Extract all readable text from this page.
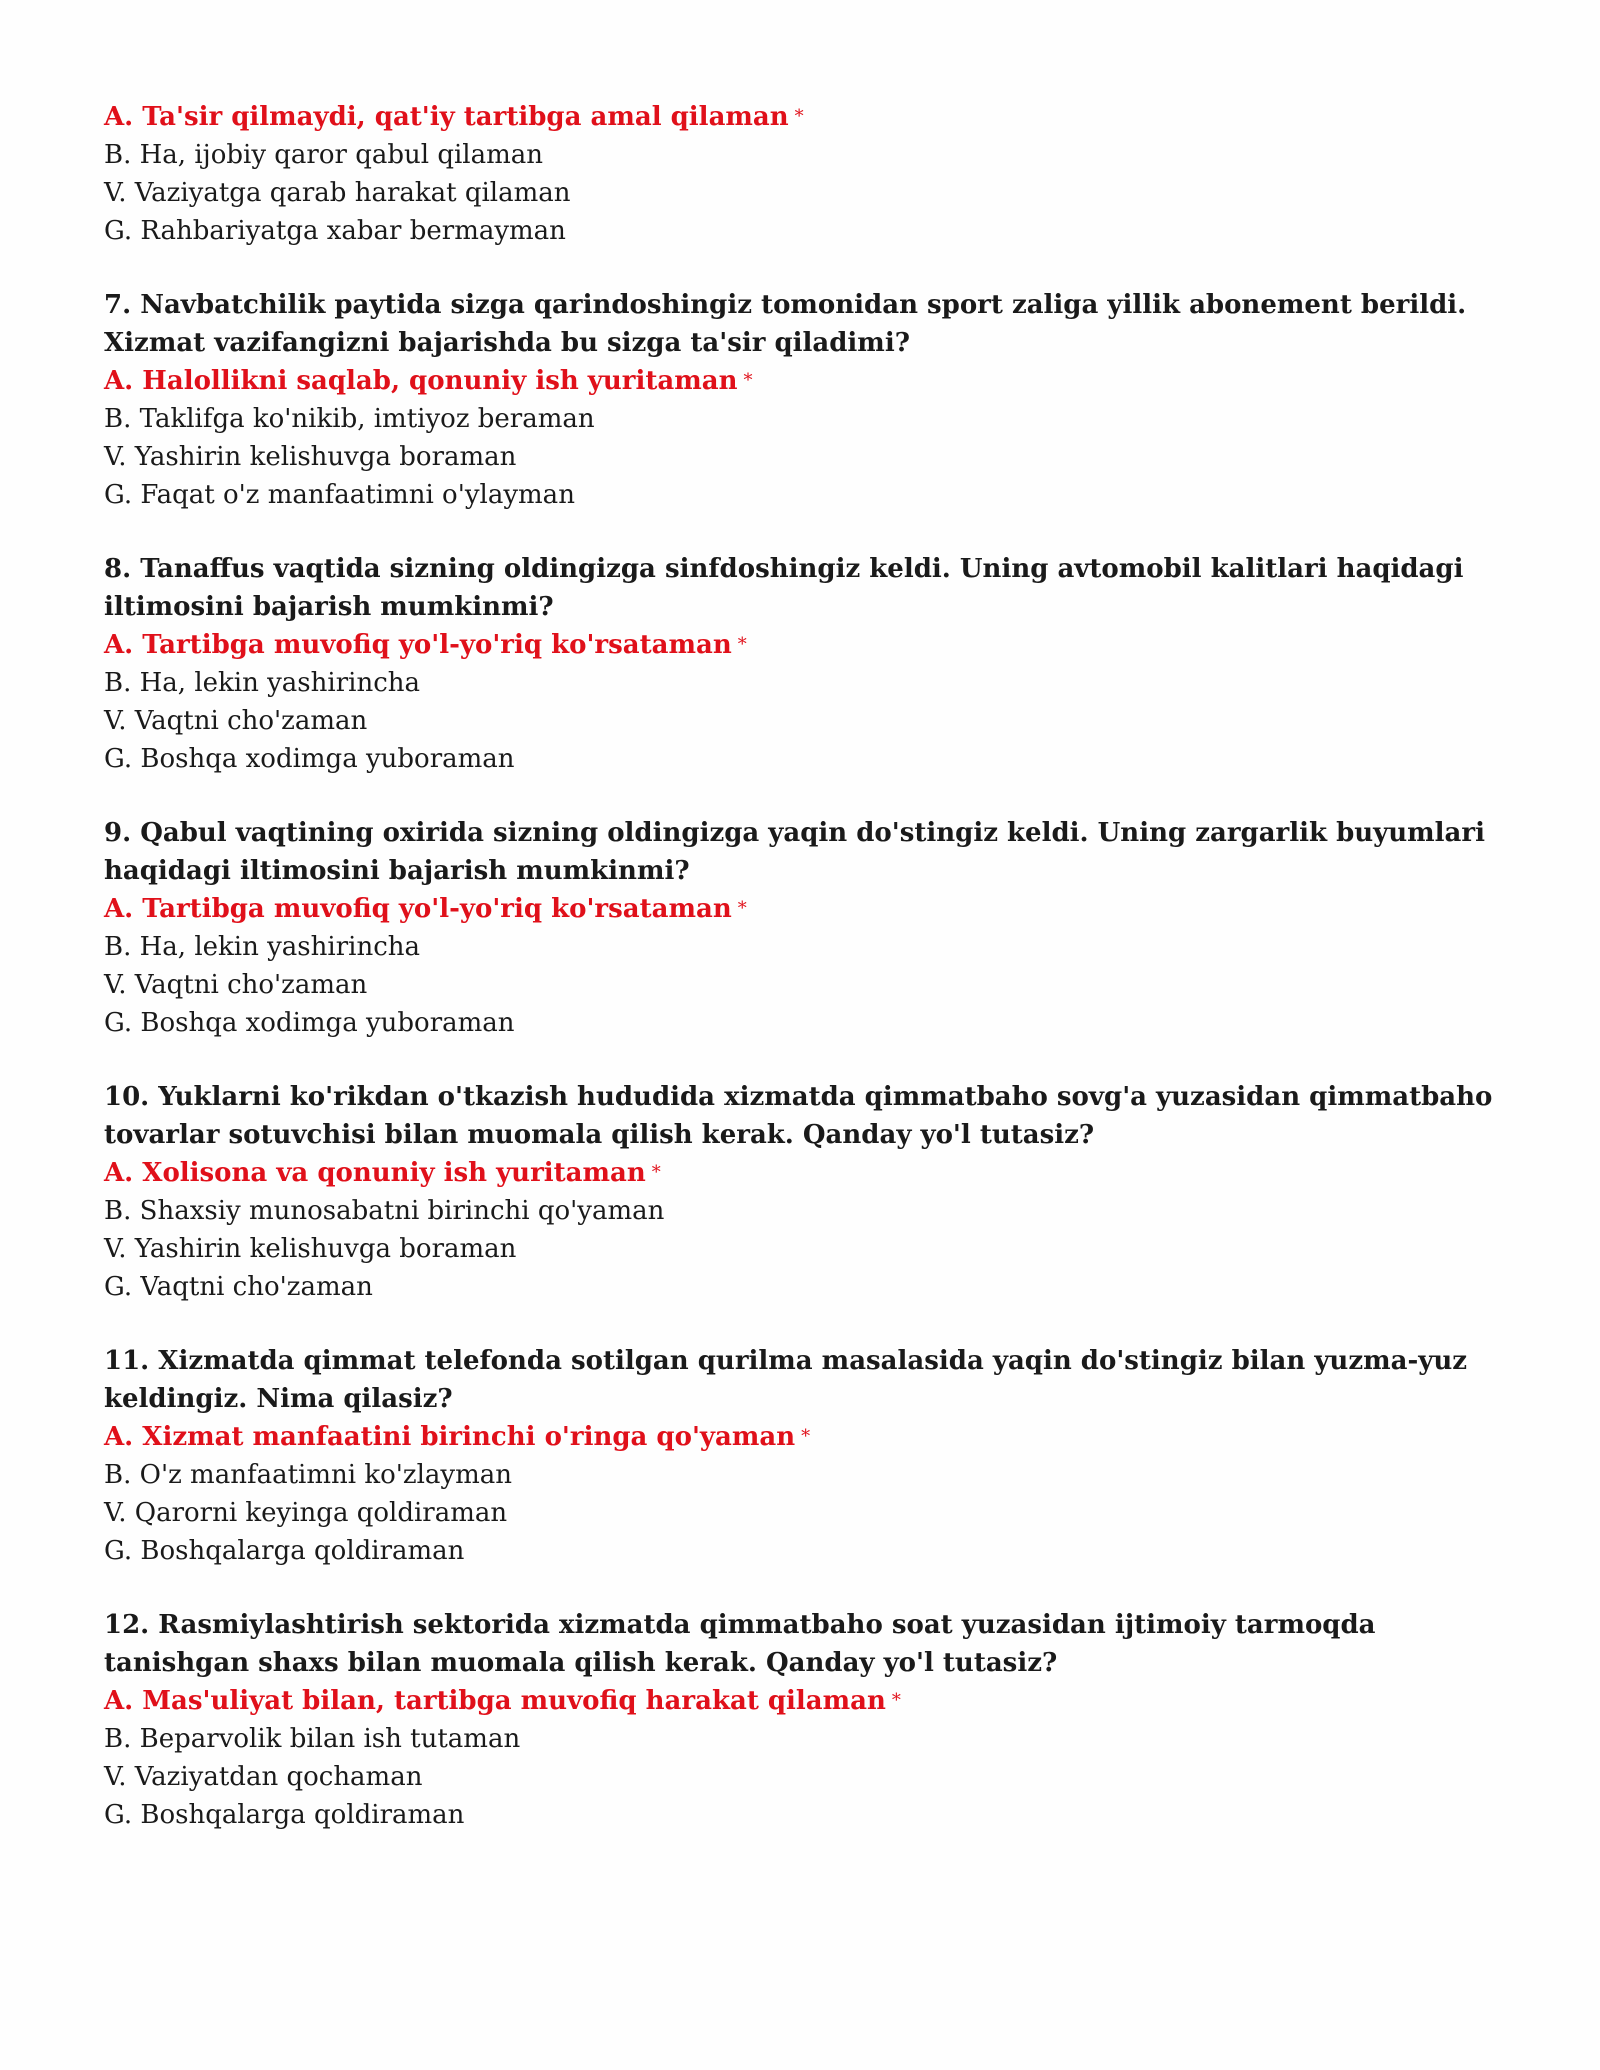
A. Ta'sir qilmaydi, qat'iy tartibga amal qilaman *

B. Ha, ijobiy qaror qabul qilaman

V. Vaziyatga qarab harakat qilaman

G. Rahbariyatga xabar bermayman

7. Navbatchilik paytida sizga qarindoshingiz tomonidan sport zaliga yillik abonement berildi. Xizmat vazifangizni bajarishda bu sizga ta'sir qiladimi?

A. Halollikni saqlab, qonuniy ish yuritaman *

B. Taklifga ko'nikib, imtiyoz beraman

V. Yashirin kelishuvga boraman

G. Faqat o'z manfaatimni o'ylayman

8. Tanaffus vaqtida sizning oldingizga sinfdoshingiz keldi. Uning avtomobil kalitlari haqidagi iltimosini bajarish mumkinmi?

A. Tartibga muvofiq yo'l-yo'riq ko'rsataman *

B. Ha, lekin yashirincha

V. Vaqtni cho'zaman

G. Boshqa xodimga yuboraman

9. Qabul vaqtining oxirida sizning oldingizga yaqin do'stingiz keldi. Uning zargarlik buyumlari haqidagi iltimosini bajarish mumkinmi?

A. Tartibga muvofiq yo'l-yo'riq ko'rsataman *

B. Ha, lekin yashirincha

V. Vaqtni cho'zaman

G. Boshqa xodimga yuboraman

10. Yuklarni ko'rikdan o'tkazish hududida xizmatda qimmatbaho sovg'a yuzasidan qimmatbaho tovarlar sotuvchisi bilan muomala qilish kerak. Qanday yo'l tutasiz?

A. Xolisona va qonuniy ish yuritaman *

B. Shaxsiy munosabatni birinchi qo'yaman

V. Yashirin kelishuvga boraman

G. Vaqtni cho'zaman

11. Xizmatda qimmat telefonda sotilgan qurilma masalasida yaqin do'stingiz bilan yuzma-yuz keldingiz. Nima qilasiz?

A. Xizmat manfaatini birinchi o'ringa qo'yaman *

B. O'z manfaatimni ko'zlayman

V. Qarorni keyinga qoldiraman

G. Boshqalarga qoldiraman

12. Rasmiylashtirish sektorida xizmatda qimmatbaho soat yuzasidan ijtimoiy tarmoqda tanishgan shaxs bilan muomala qilish kerak. Qanday yo'l tutasiz?

A. Mas'uliyat bilan, tartibga muvofiq harakat qilaman *

B. Beparvolik bilan ish tutaman

V. Vaziyatdan qochaman

G. Boshqalarga qoldiraman
